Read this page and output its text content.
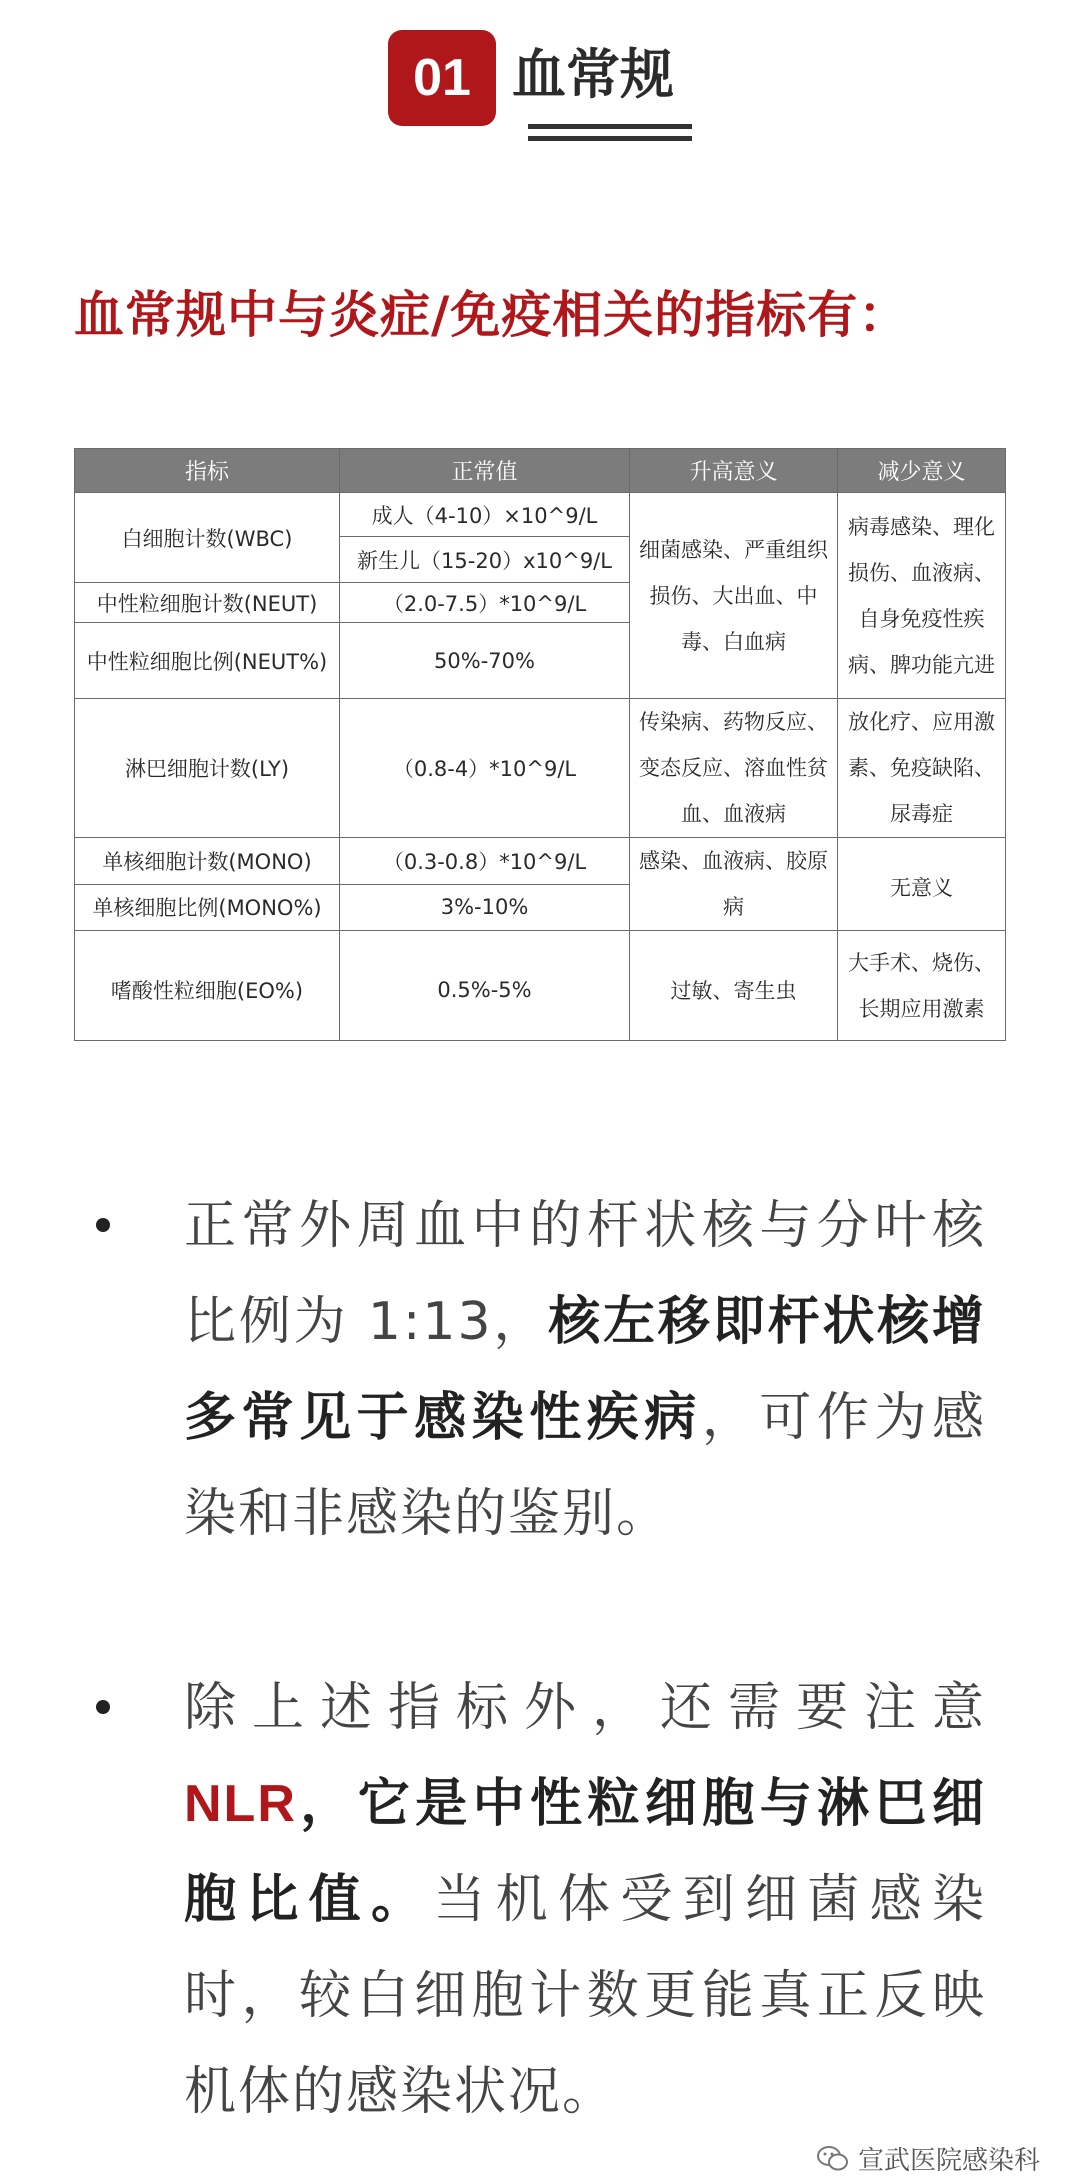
01 血常规
血常规中与炎症/免疫相关的指标有：
指标	正常值	升高意义	减少意义
白细胞计数(WBC)	成人（4-10）×10^9/L	细菌感染、严重组织损伤、大出血、中毒、白血病	病毒感染、理化损伤、血液病、自身免疫性疾病、脾功能亢进
	新生儿（15-20）x10^9/L		
中性粒细胞计数(NEUT)	（2.0-7.5）*10^9/L		
中性粒细胞比例(NEUT%)	50%-70%		
淋巴细胞计数(LY)	（0.8-4）*10^9/L	传染病、药物反应、变态反应、溶血性贫血、血液病	放化疗、应用激素、免疫缺陷、尿毒症
单核细胞计数(MONO)	（0.3-0.8）*10^9/L	感染、血液病、胶原病	无意义
单核细胞比例(MONO%)	3%-10%		
嗜酸性粒细胞(EO%)	0.5%-5%	过敏、寄生虫	大手术、烧伤、长期应用激素
正常外周血中的杆状核与分叶核比例为 1:13，核左移即杆状核增多常见于感染性疾病，可作为感染和非感染的鉴别。
除上述指标外，还需要注意 NLR，它是中性粒细胞与淋巴细胞比值。当机体受到细菌感染时，较白细胞计数更能真正反映机体的感染状况。
宣武医院感染科
